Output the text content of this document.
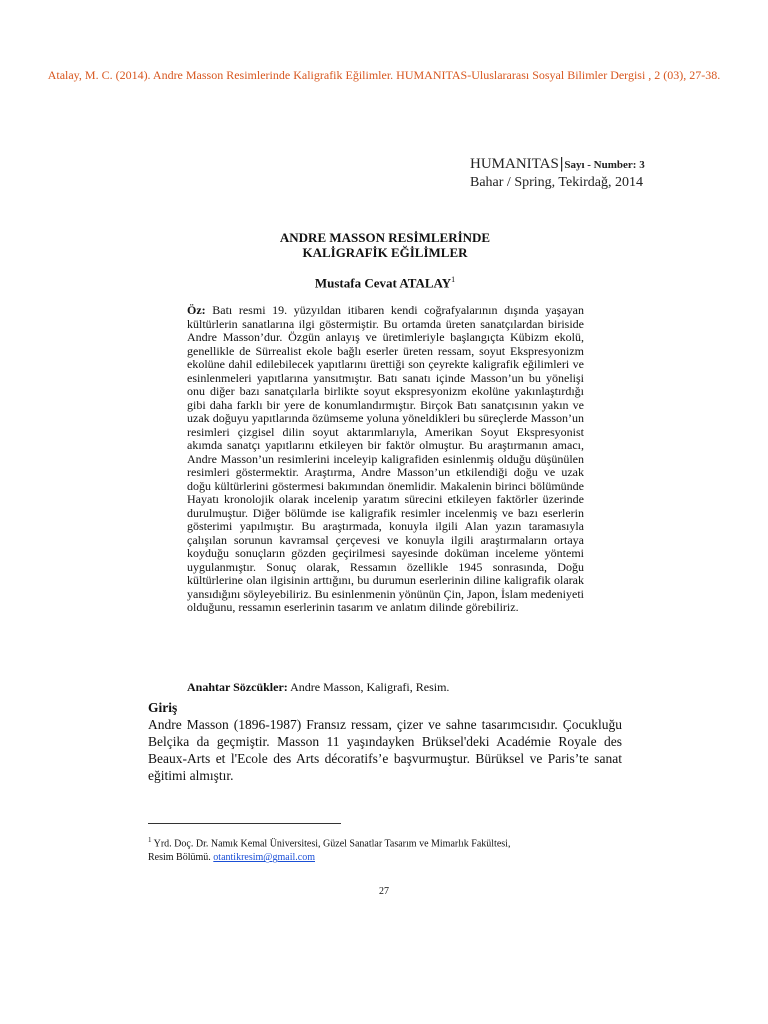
Atalay, M. C. (2014). Andre Masson Resimlerinde Kaligrafik Eğilimler. HUMANITAS-Uluslararası Sosyal Bilimler Dergisi , 2 (03), 27-38.
HUMANITAS|Sayı - Number: 3
Bahar / Spring, Tekirdağ, 2014
ANDRE MASSON RESİMLERİNDE
KALİGRAFİK EĞİLİMLER
Mustafa Cevat ATALAY$^1$

Öz: Batı resmi 19. yüzyıldan itibaren kendi coğrafyalarının dışında yaşayan kültürlerin sanatlarına ilgi göstermiştir. Bu ortamda üreten sanatçılardan biriside Andre Masson’dur. Özgün anlayış ve üretimleriyle başlangıçta Kübizm ekolü, genellikle de Sürrealist ekole bağlı eserler üreten ressam, soyut Ekspresyonizm ekolüne dahil edilebilecek yapıtlarını ürettiği son çeyrekte kaligrafik eğilimleri ve esinlenmeleri yapıtlarına yansıtmıştır. Batı sanatı içinde Masson’un bu yönelişi onu diğer bazı sanatçılarla birlikte soyut ekspresyonizm ekolüne yakınlaştırdığı gibi daha farklı bir yere de konumlandırmıştır. Birçok Batı sanatçısının yakın ve uzak doğuyu yapıtlarında özümseme yoluna yöneldikleri bu süreçlerde Masson’un resimleri çizgisel dilin soyut aktarımlarıyla, Amerikan Soyut Ekspresyonist akımda sanatçı yapıtlarını etkileyen bir faktör olmuştur. Bu araştırmanın amacı, Andre Masson’un resimlerini inceleyip kaligrafiden esinlenmiş olduğu düşünülen resimleri göstermektir. Araştırma, Andre Masson’un etkilendiği doğu ve uzak doğu kültürlerini göstermesi bakımından önemlidir. Makalenin birinci bölümünde Hayatı kronolojik olarak incelenip yaratım sürecini etkileyen faktörler üzerinde durulmuştur. Diğer bölümde ise kaligrafik resimler incelenmiş ve bazı eserlerin gösterimi yapılmıştır. Bu araştırmada, konuyla ilgili Alan yazın taramasıyla çalışılan sorunun kavramsal çerçevesi ve konuyla ilgili araştırmaların ortaya koyduğu sonuçların gözden geçirilmesi sayesinde doküman inceleme yöntemi uygulanmıştır. Sonuç olarak, Ressamın özellikle 1945 sonrasında, Doğu kültürlerine olan ilgisinin arttığını, bu durumun eserlerinin diline kaligrafik olarak yansıdığını söyleyebiliriz. Bu esinlenmenin yönünün Çin, Japon, İslam medeniyeti olduğunu, ressamın eserlerinin tasarım ve anlatım dilinde görebiliriz.

Anahtar Sözcükler: Andre Masson, Kaligrafi, Resim.
Giriş

Andre Masson (1896-1987) Fransız ressam, çizer ve sahne tasarımcısıdır. Çocukluğu Belçika da geçmiştir. Masson 11 yaşındayken Brüksel'deki Académie Royale des Beaux-Arts et l'Ecole des Arts décoratifs’e başvurmuştur. Bürüksel ve Paris’te sanat eğitimi almıştır.

$^1$ Yrd. Doç. Dr. Namık Kemal Üniversitesi, Güzel Sanatlar Tasarım ve Mimarlık Fakültesi,
Resim Bölümü. otantikresim@gmail.com
27
